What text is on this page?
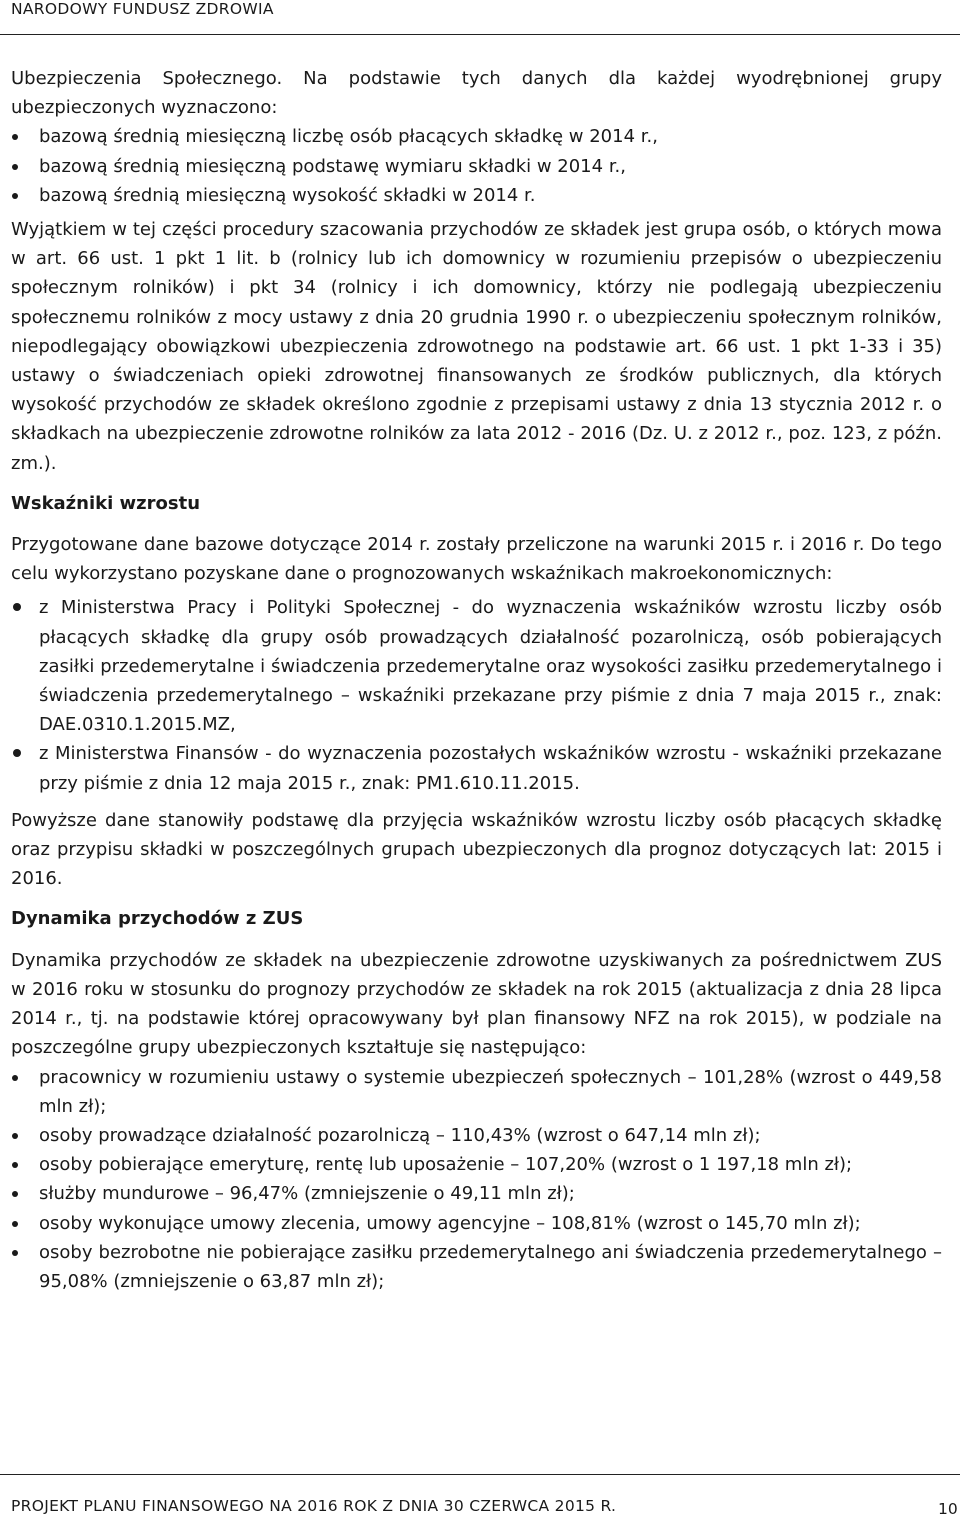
NARODOWY FUNDUSZ ZDROWIA

Ubezpieczenia Społecznego. Na podstawie tych danych dla każdej wyodrębnionej grupy ubezpieczonych wyznaczono:

bazową średnią miesięczną liczbę osób płacących składkę w 2014 r.,
bazową średnią miesięczną podstawę wymiaru składki w 2014 r.,
bazową średnią miesięczną wysokość składki w 2014 r.

Wyjątkiem w tej części procedury szacowania przychodów ze składek jest grupa osób, o których mowa w art. 66 ust. 1 pkt 1 lit. b (rolnicy lub ich domownicy w rozumieniu przepisów o ubezpieczeniu społecznym rolników) i pkt 34 (rolnicy i ich domownicy, którzy nie podlegają ubezpieczeniu społecznemu rolników z mocy ustawy z dnia 20 grudnia 1990 r. o ubezpieczeniu społecznym rolników, niepodlegający obowiązkowi ubezpieczenia zdrowotnego na podstawie art. 66 ust. 1 pkt 1-33 i 35) ustawy o świadczeniach opieki zdrowotnej finansowanych ze środków publicznych, dla których wysokość przychodów ze składek określono zgodnie z przepisami ustawy z dnia 13 stycznia 2012 r. o składkach na ubezpieczenie zdrowotne rolników za lata 2012 - 2016 (Dz. U. z 2012 r., poz. 123, z późn. zm.).

Wskaźniki wzrostu

Przygotowane dane bazowe dotyczące 2014 r. zostały przeliczone na warunki 2015 r. i 2016 r. Do tego celu wykorzystano pozyskane dane o prognozowanych wskaźnikach makroekonomicznych:

z Ministerstwa Pracy i Polityki Społecznej - do wyznaczenia wskaźników wzrostu liczby osób płacących składkę dla grupy osób prowadzących działalność pozarolniczą, osób pobierających zasiłki przedemerytalne i świadczenia przedemerytalne oraz wysokości zasiłku przedemerytalnego i świadczenia przedemerytalnego – wskaźniki przekazane przy piśmie z dnia 7 maja 2015 r., znak: DAE.0310.1.2015.MZ,
z Ministerstwa Finansów - do wyznaczenia pozostałych wskaźników wzrostu - wskaźniki przekazane przy piśmie z dnia 12 maja 2015 r., znak: PM1.610.11.2015.

Powyższe dane stanowiły podstawę dla przyjęcia wskaźników wzrostu liczby osób płacących składkę oraz przypisu składki w poszczególnych grupach ubezpieczonych dla prognoz dotyczących lat: 2015 i 2016.

Dynamika przychodów z ZUS

Dynamika przychodów ze składek na ubezpieczenie zdrowotne uzyskiwanych za pośrednictwem ZUS w 2016 roku w stosunku do prognozy przychodów ze składek na rok 2015 (aktualizacja z dnia 28 lipca 2014 r., tj. na podstawie której opracowywany był plan finansowy NFZ na rok 2015), w podziale na poszczególne grupy ubezpieczonych kształtuje się następująco:

pracownicy w rozumieniu ustawy o systemie ubezpieczeń społecznych – 101,28% (wzrost o 449,58 mln zł);
osoby prowadzące działalność pozarolniczą – 110,43% (wzrost o 647,14 mln zł);
osoby pobierające emeryturę, rentę lub uposażenie – 107,20% (wzrost o 1 197,18 mln zł);
służby mundurowe – 96,47% (zmniejszenie o 49,11 mln zł);
osoby wykonujące umowy zlecenia, umowy agencyjne – 108,81% (wzrost o 145,70 mln zł);
osoby bezrobotne nie pobierające zasiłku przedemerytalnego ani świadczenia przedemerytalnego – 95,08% (zmniejszenie o 63,87 mln zł);
PROJEKT PLANU FINANSOWEGO NA 2016 ROK Z DNIA 30 CZERWCA 2015 R.	10
